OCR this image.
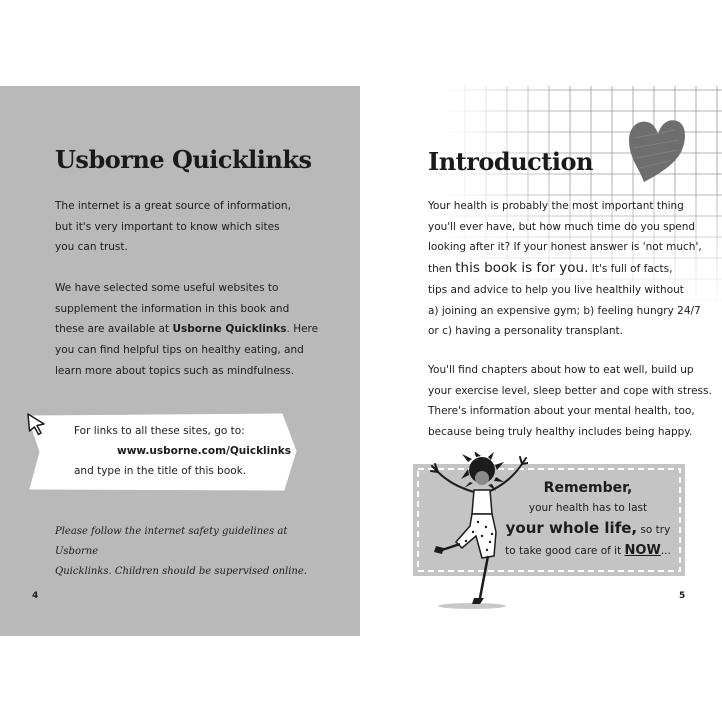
Usborne Quicklinks

The internet is a great source of information,
but it's very important to know which sites
you can trust.

We have selected some useful websites to
supplement the information in this book and
these are available at Usborne Quicklinks. Here
you can find helpful tips on healthy eating, and
learn more about topics such as mindfulness.

For links to all these sites, go to:
www.usborne.com/Quicklinks
and type in the title of this book.

Please follow the internet safety guidelines at Usborne
Quicklinks. Children should be supervised online.

4
Introduction

Your health is probably the most important thing
you'll ever have, but how much time do you spend
looking after it? If your honest answer is 'not much',
then this book is for you. It's full of facts,
tips and advice to help you live healthily without
a) joining an expensive gym; b) feeling hungry 24/7
or c) having a personality transplant.

You'll find chapters about how to eat well, build up
your exercise level, sleep better and cope with stress.
There's information about your mental health, too,
because being truly healthy includes being happy.

Remember,
your health has to last
your whole life, so try
to take good care of it NOW...
5
